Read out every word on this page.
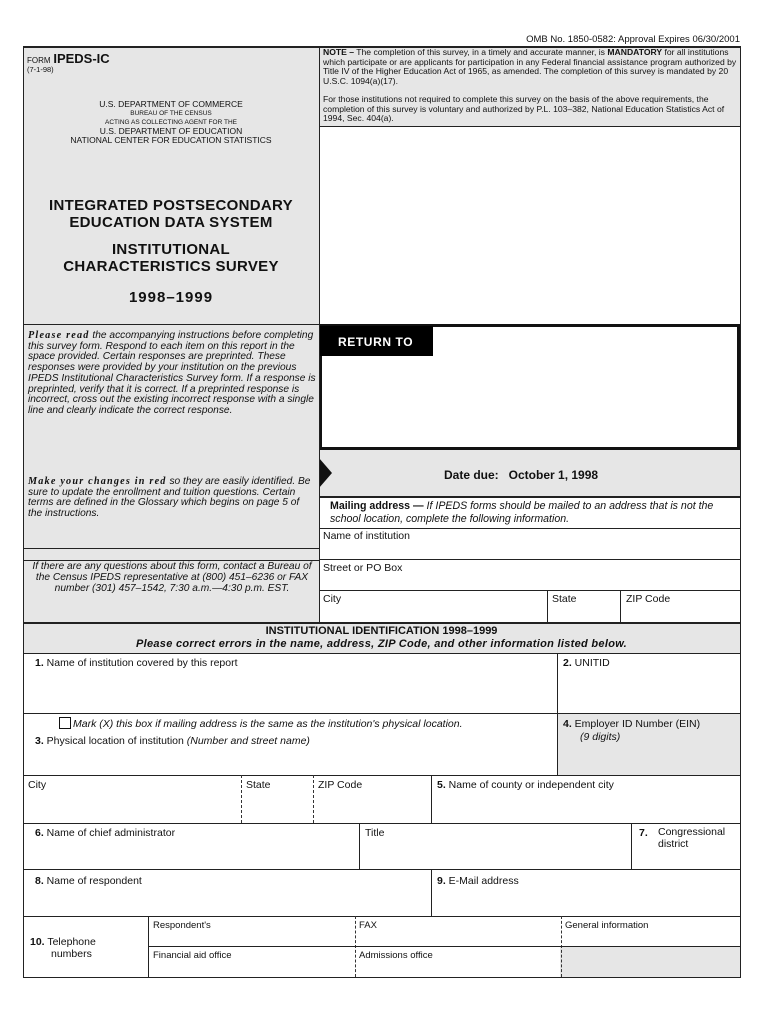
OMB No. 1850-0582: Approval Expires 06/30/2001
FORM IPEDS-IC
(7-1-98)
U.S. DEPARTMENT OF COMMERCE
BUREAU OF THE CENSUS
ACTING AS COLLECTING AGENT FOR THE
U.S. DEPARTMENT OF EDUCATION
NATIONAL CENTER FOR EDUCATION STATISTICS
INTEGRATED POSTSECONDARY
EDUCATION DATA SYSTEM
INSTITUTIONAL
CHARACTERISTICS SURVEY
1998–1999
NOTE – The completion of this survey, in a timely and accurate manner, is MANDATORY for all institutions which participate or are applicants for participation in any Federal financial assistance program authorized by Title IV of the Higher Education Act of 1965, as amended. The completion of this survey is mandated by 20 U.S.C. 1094(a)(17).
For those institutions not required to complete this survey on the basis of the above requirements, the completion of this survey is voluntary and authorized by P.L. 103–382, National Education Statistics Act of 1994, Sec. 404(a).
Please read the accompanying instructions before completing this survey form. Respond to each item on this report in the space provided. Certain responses are preprinted. These responses were provided by your institution on the previous IPEDS Institutional Characteristics Survey form. If a response is preprinted, verify that it is correct. If a preprinted response is incorrect, cross out the existing incorrect response with a single line and clearly indicate the correct response.
Make your changes in red so they are easily identified. Be sure to update the enrollment and tuition questions. Certain terms are defined in the Glossary which begins on page 5 of the instructions.
If there are any questions about this form, contact a Bureau of the Census IPEDS representative at (800) 451–6236 or FAX number (301) 457–1542, 7:30 a.m.—4:30 p.m. EST.
RETURN TO
Date due:   October 1, 1998
Mailing address — If IPEDS forms should be mailed to an address that is not the school location, complete the following information.
Name of institution
Street or PO Box
City	State	ZIP Code
INSTITUTIONAL IDENTIFICATION 1998–1999
Please correct errors in the name, address, ZIP Code, and other information listed below.
1. Name of institution covered by this report	2. UNITID
Mark (X) this box if mailing address is the same as the institution's physical location.
3. Physical location of institution (Number and street name)
4. Employer ID Number (EIN)
(9 digits)
City	State	ZIP Code	5. Name of county or independent city
6. Name of chief administrator	Title	7. Congressional
district
8. Name of respondent	9. E-Mail address
10. Telephone
numbers
Respondent's	FAX	General information
Financial aid office	Admissions office
